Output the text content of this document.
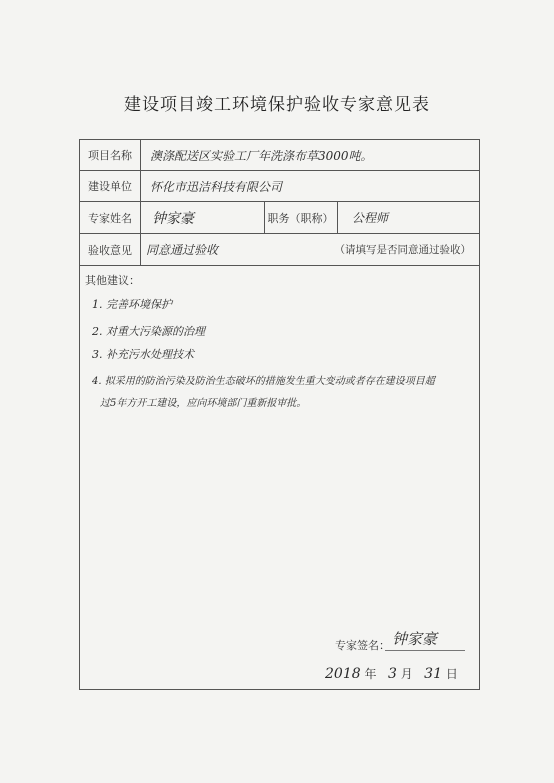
建设项目竣工环境保护验收专家意见表
项目名称	澳涤配送区实验工厂年洗涤布草3000吨。
建设单位	怀化市迅洁科技有限公司
专家姓名	钟家豪	职务（职称） 公程师
验收意见	同意通过验收	（请填写是否同意通过验收）
其他建议：
1. 完善环境保护
2. 对重大污染源的治理
3. 补充污水处理技术
4. 拟采用的防治污染及防治生态破坏的措施发生重大变动或者存在建设项目超
过5年方开工建设，应向环境部门重新报审批。
专家签名： 钟家豪
2018 年 3 月 31 日
